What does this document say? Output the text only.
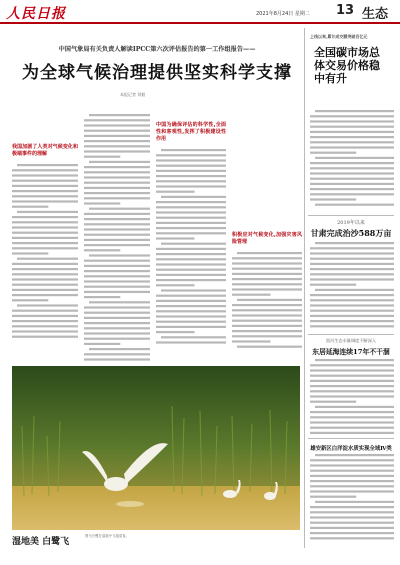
人民日报	2021年8月24日 星期二 13 生态
中国气象局有关负责人解读IPCC第六次评估报告的第一工作组报告——
为全球气候治理提供坚实科学支撑
本报记者 刘毅
我国加剧了人类对气候变化和极端事件的理解
中国为确保评估的科学性,全面性和客观性,发挥了积极建设性作用
积极应对气候变化,加强灾害风险管理
上线以来,累计成交额突破百亿元
全国碳市场总体交易价格稳中有升
2019年以来
甘肃完成治沙588万亩
黑河生态水量调度不断深入
东居延海连续17年不干涸
雄安新区白洋淀水质实现全域Ⅳ类
湿地美 白鹭飞
图为白鹭在湿地中飞翔觅食。
